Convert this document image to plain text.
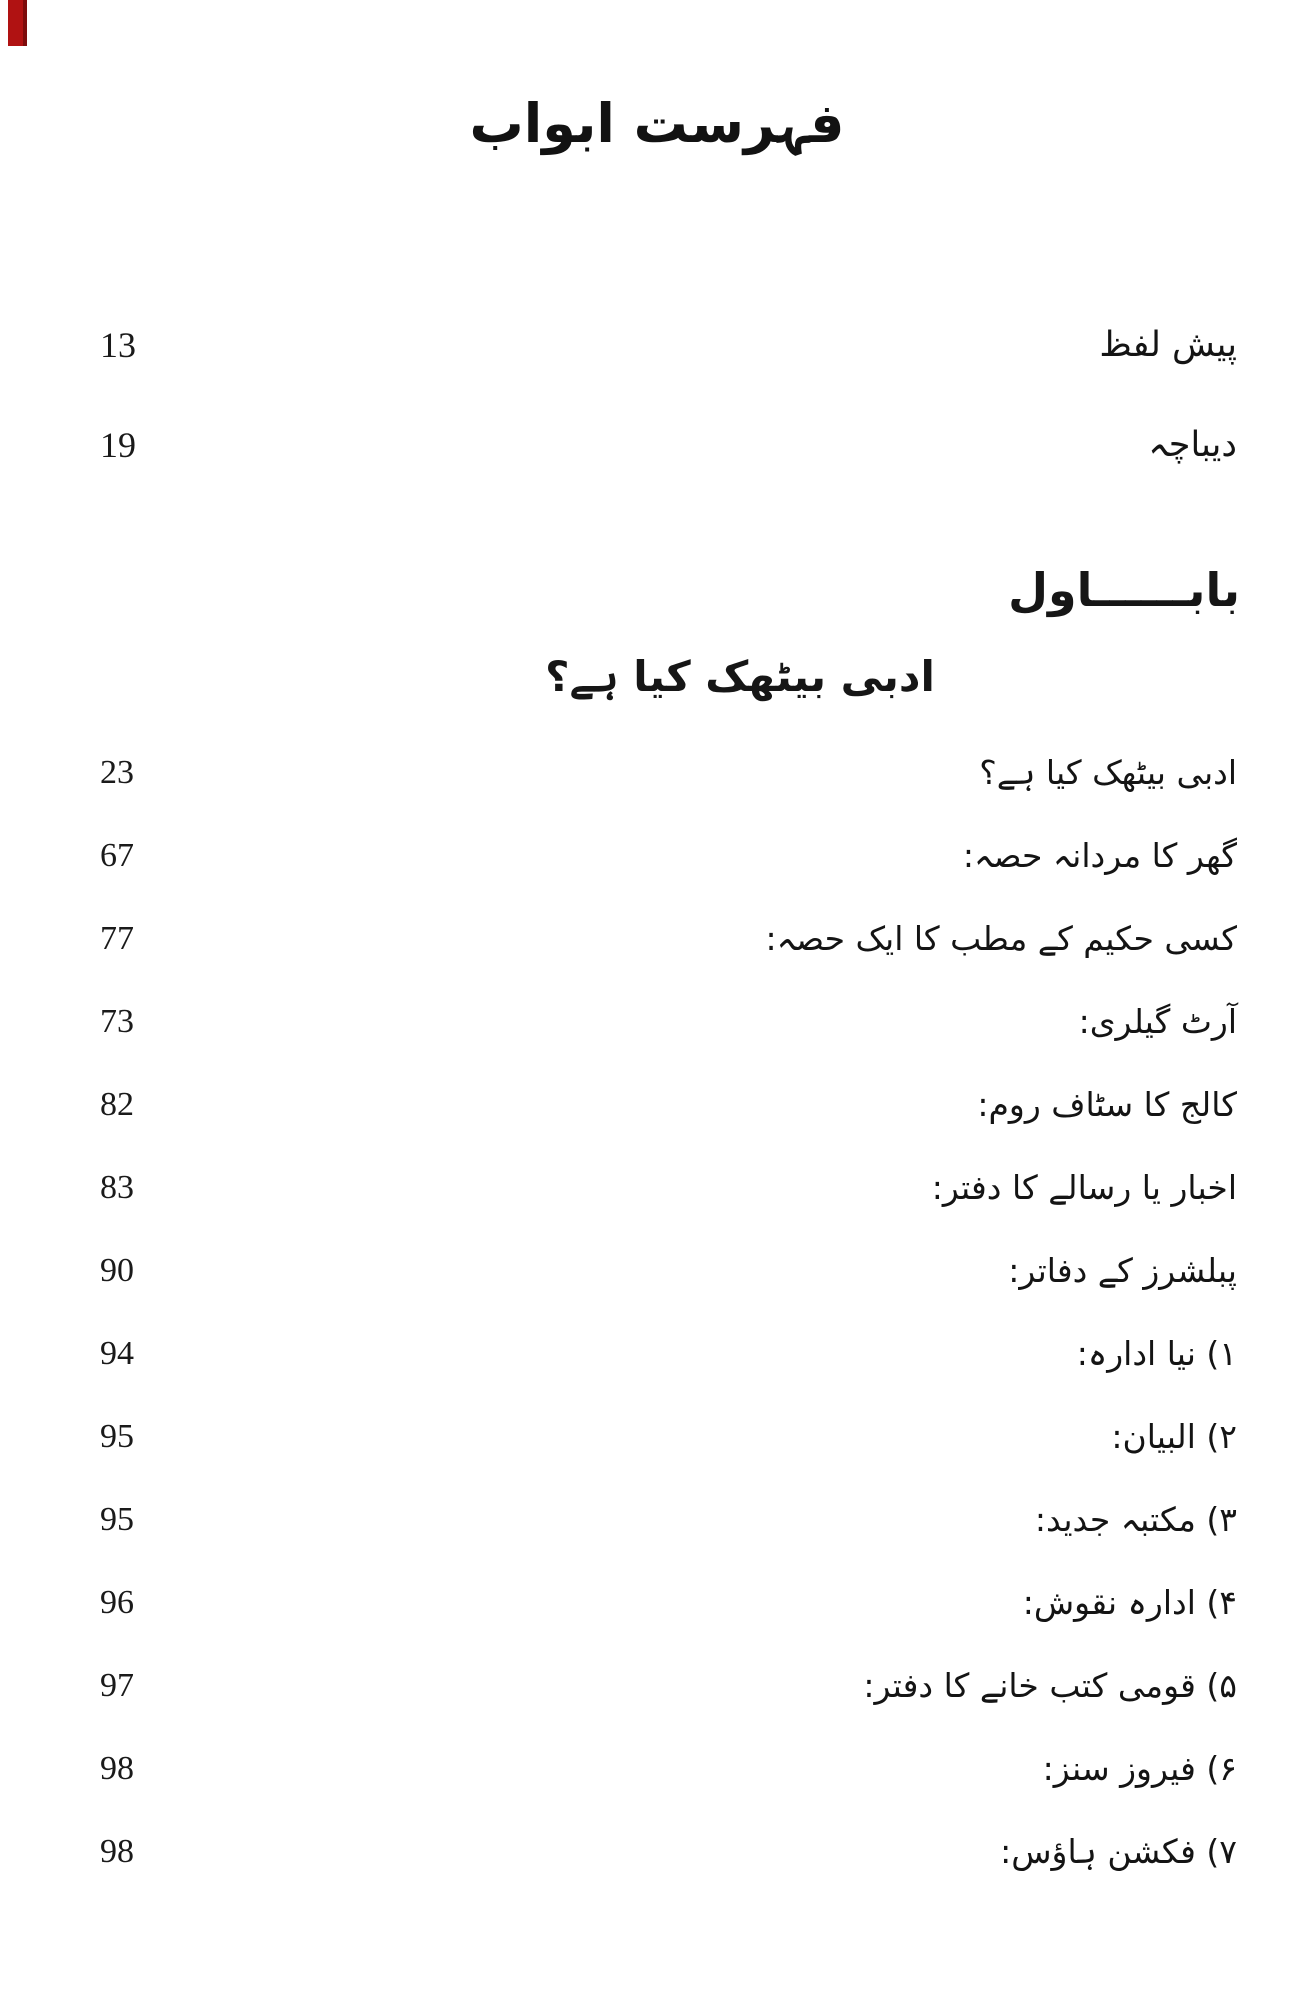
فہرست ابواب
13	پیش لفظ
19	دیباچہ
بابــــــاول
ادبی بیٹھک کیا ہے؟
23	ادبی بیٹھک کیا ہے؟
67	گھر کا مردانہ حصہ:
77	کسی حکیم کے مطب کا ایک حصہ:
73	آرٹ گیلری:
82	کالج کا سٹاف روم:
83	اخبار یا رسالے کا دفتر:
90	پبلشرز کے دفاتر:
94	۱) نیا ادارہ:
95	۲) البیان:
95	۳) مکتبہ جدید:
96	۴) ادارہ نقوش:
97	۵) قومی کتب خانے کا دفتر:
98	۶) فیروز سنز:
98	۷) فکشن ہاؤس:
